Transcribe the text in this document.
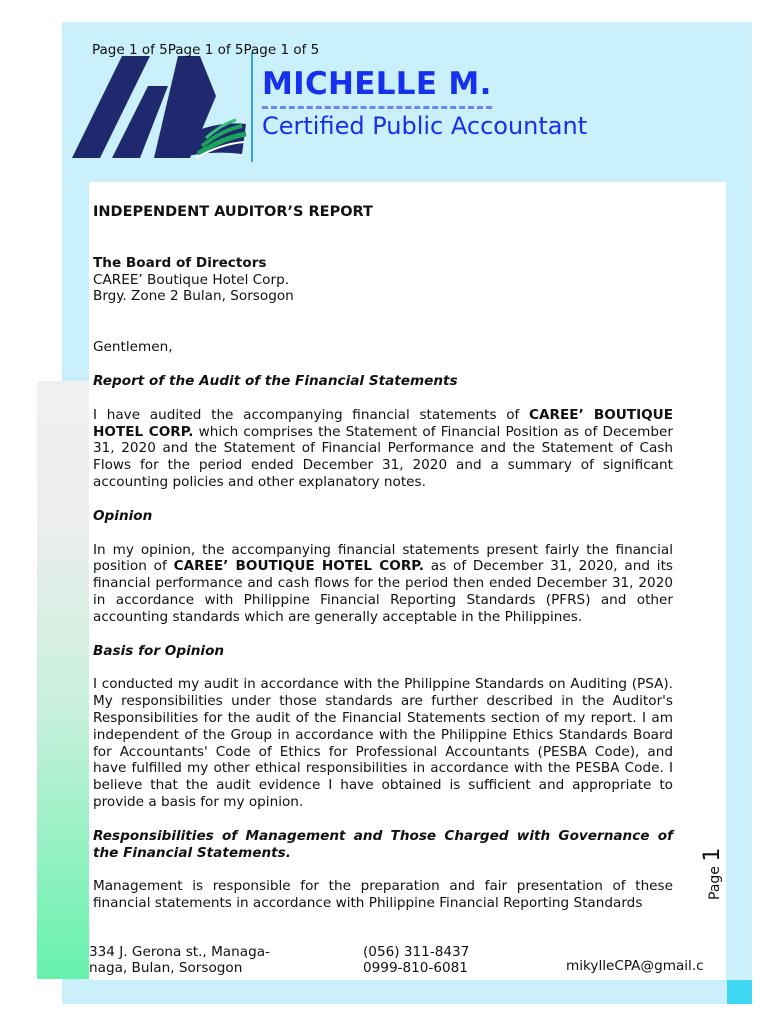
Page 1 of 5Page 1 of 5Page 1 of 5
MICHELLE M.
Certified Public Accountant

INDEPENDENT AUDITOR’S REPORT

The Board of Directors

CAREE’ Boutique Hotel Corp.

Brgy. Zone 2 Bulan, Sorsogon

Gentlemen,

Report of the Audit of the Financial Statements

I have audited the accompanying financial statements of CAREE’ BOUTIQUE HOTEL CORP. which comprises the Statement of Financial Position as of December 31, 2020 and the Statement of Financial Performance and the Statement of Cash Flows for the period ended December 31, 2020 and a summary of significant accounting policies and other explanatory notes.

Opinion

In my opinion, the accompanying financial statements present fairly the financial position of CAREE’ BOUTIQUE HOTEL CORP. as of December 31, 2020, and its financial performance and cash flows for the period then ended December 31, 2020 in accordance with Philippine Financial Reporting Standards (PFRS) and other accounting standards which are generally acceptable in the Philippines.

Basis for Opinion

I conducted my audit in accordance with the Philippine Standards on Auditing (PSA). My responsibilities under those standards are further described in the Auditor's Responsibilities for the audit of the Financial Statements section of my report. I am independent of the Group in accordance with the Philippine Ethics Standards Board for Accountants' Code of Ethics for Professional Accountants (PESBA Code), and have fulfilled my other ethical responsibilities in accordance with the PESBA Code. I believe that the audit evidence I have obtained is sufficient and appropriate to provide a basis for my opinion.

Responsibilities of Management and Those Charged with Governance of the Financial Statements.

Management is responsible for the preparation and fair presentation of these financial statements in accordance with Philippine Financial Reporting Standards

Page 1
334 J. Gerona st., Managa-
naga, Bulan, Sorsogon
(056) 311-8437
0999-810-6081	mikylleCPA@gmail.c
